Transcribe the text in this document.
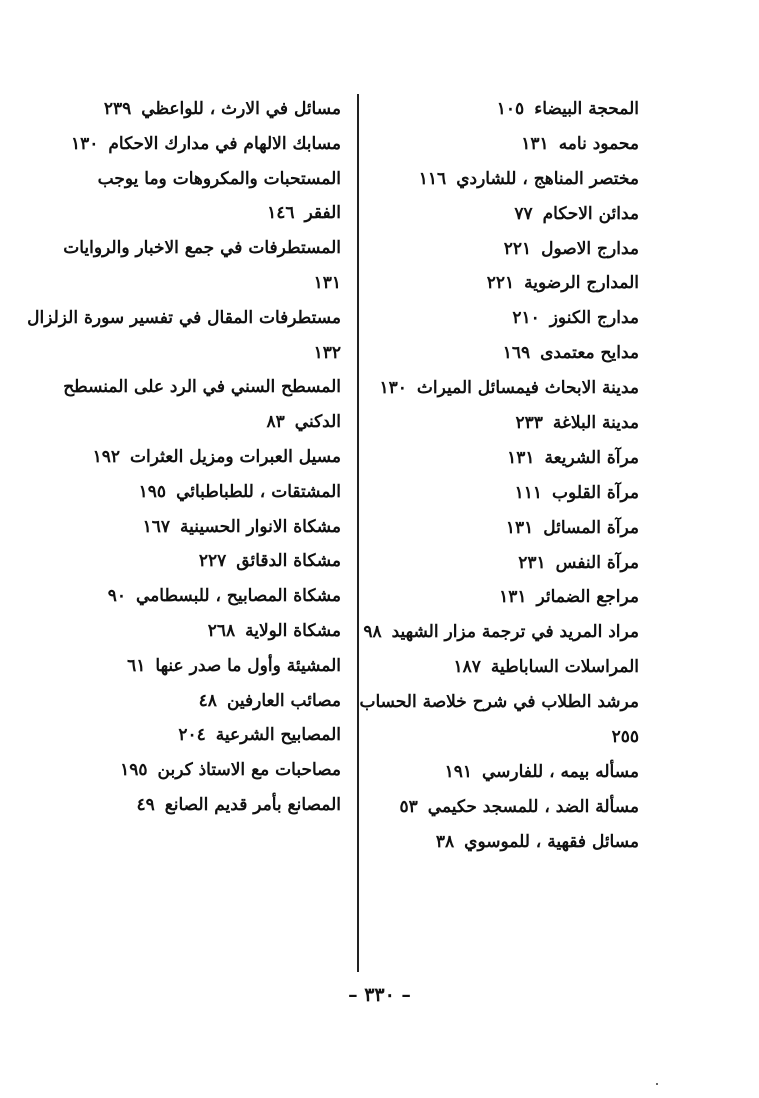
المحجة البيضاء١٠٥
محمود نامه١٣١
مختصر المناهج ، للشاردي١١٦
مدائن الاحكام٧٧
مدارج الاصول٢٢١
المدارج الرضوية٢٢١
مدارج الكنوز٢١٠
مدايح معتمدى١٦٩
مدينة الابحاث فيمسائل الميراث١٣٠
مدينة البلاغة٢٣٣
مرآة الشريعة١٣١
مرآة القلوب١١١
مرآة المسائل١٣١
مرآة النفس٢٣١
مراجع الضمائر١٣١
مراد المريد في ترجمة مزار الشهيد٩٨
المراسلات الساباطية١٨٧
مرشد الطلاب في شرح خلاصة الحساب
٢٥٥
مسأله بيمه ، للفارسي١٩١
مسألة الضد ، للمسجد حكيمي٥٣
مسائل فقهية ، للموسوي٣٨
مسائل في الارث ، للواعظي٢٣٩
مسابك الالهام في مدارك الاحكام١٣٠
المستحبات والمكروهات وما يوجب
الفقر١٤٦
المستطرفات في جمع الاخبار والروايات
١٣١
مستطرفات المقال في تفسير سورة الزلزال
١٣٢
المسطح السني في الرد على المنسطح
الدكني٨٣
مسيل العبرات ومزيل العثرات١٩٢
المشتقات ، للطباطبائي١٩٥
مشكاة الانوار الحسينية١٦٧
مشكاة الدقائق٢٢٧
مشكاة المصابيح ، للبسطامي٩٠
مشكاة الولاية٢٦٨
المشيئة وأول ما صدر عنها٦١
مصائب العارفين٤٨
المصابيح الشرعية٢٠٤
مصاحبات مع الاستاذ كربن١٩٥
المصانع بأمر قديم الصانع٤٩
– ٣٣٠ –
